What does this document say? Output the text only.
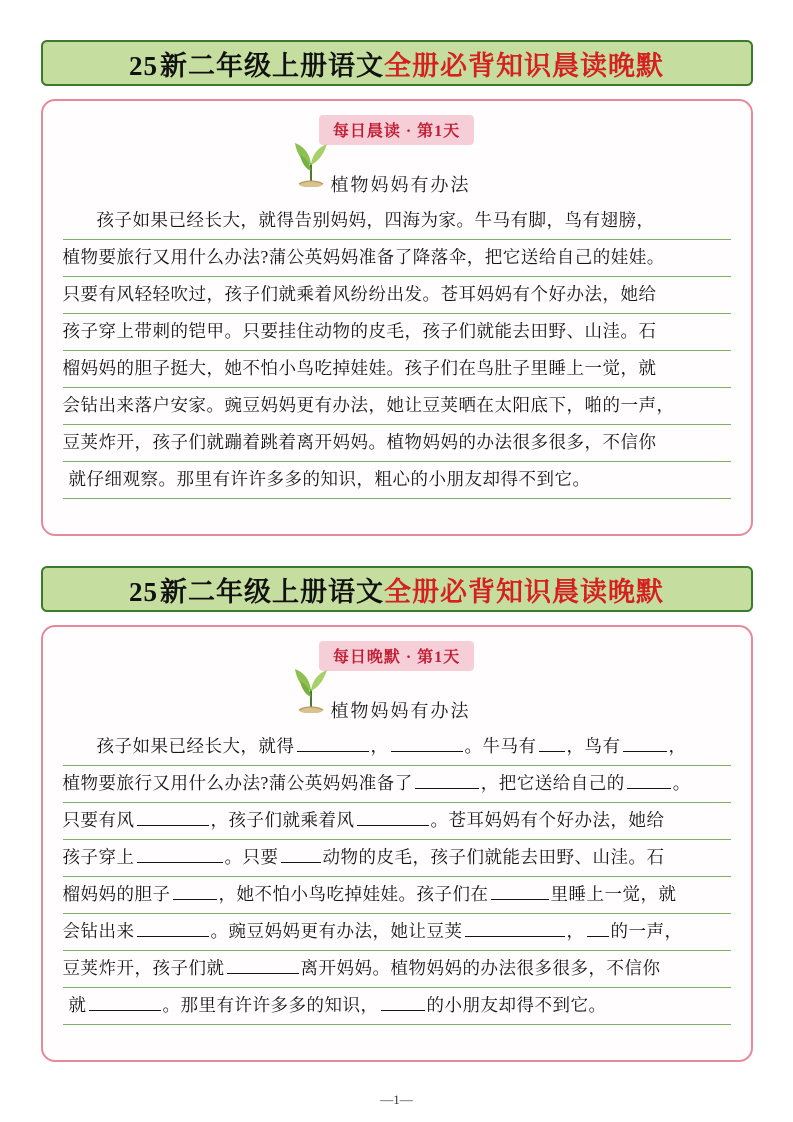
25 新二年级上册语文 全册必背知识晨读晚默
每日晨读 · 第1天
植物妈妈有办法
孩子如果已经长大，就得告别妈妈，四海为家。牛马有脚，鸟有翅膀，
植物要旅行又用什么办法?蒲公英妈妈准备了降落伞，把它送给自己的娃娃。
只要有风轻轻吹过，孩子们就乘着风纷纷出发。苍耳妈妈有个好办法，她给
孩子穿上带刺的铠甲。只要挂住动物的皮毛，孩子们就能去田野、山洼。石
榴妈妈的胆子挺大，她不怕小鸟吃掉娃娃。孩子们在鸟肚子里睡上一觉，就
会钻出来落户安家。豌豆妈妈更有办法，她让豆荚晒在太阳底下，啪的一声，
豆荚炸开，孩子们就蹦着跳着离开妈妈。植物妈妈的办法很多很多，不信你
就仔细观察。那里有许许多多的知识，粗心的小朋友却得不到它。
25 新二年级上册语文 全册必背知识晨读晚默
每日晚默 · 第1天
植物妈妈有办法
孩子如果已经长大，就得	，	。牛马有 ，鸟有	，
植物要旅行又用什么办法?蒲公英妈妈准备了	，把它送给自己的	。
只要有风	，孩子们就乘着风	。苍耳妈妈有个好办法，她给
孩子穿上	。只要	动物的皮毛，孩子们就能去田野、山洼。石
榴妈妈的胆子	，她不怕小鸟吃掉娃娃。孩子们在	里睡上一觉，就
会钻出来	。豌豆妈妈更有办法，她让豆荚	， 的一声，
豆荚炸开，孩子们就	离开妈妈。植物妈妈的办法很多很多，不信你
就	。那里有许许多多的知识，	的小朋友却得不到它。
—1—
